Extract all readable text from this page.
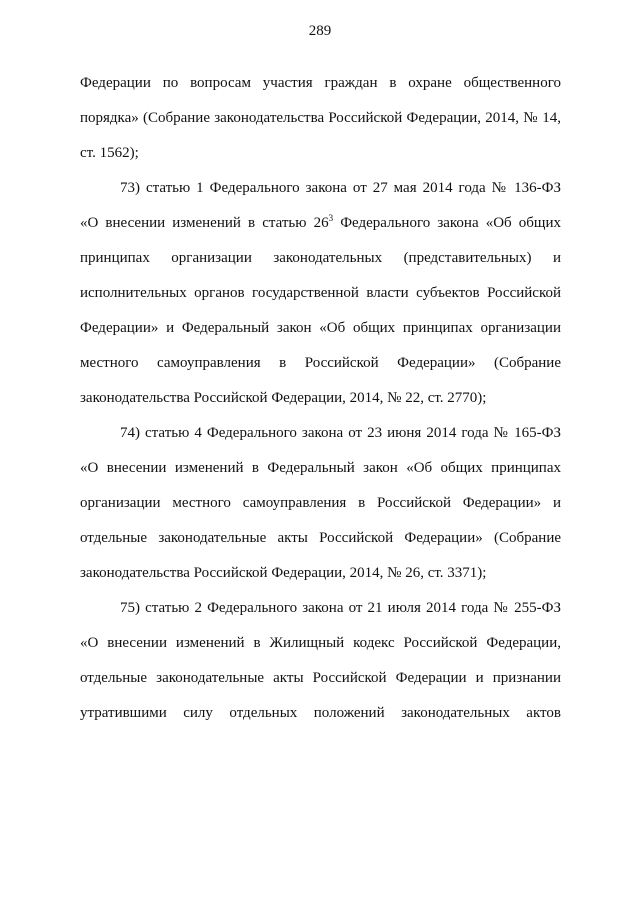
289
Федерации по вопросам участия граждан в охране общественного
порядка» (Собрание законодательства Российской Федерации, 2014, № 14,
ст. 1562);
73) статью 1 Федерального закона от 27 мая 2014 года № 136-ФЗ
«О внесении изменений в статью $26^3$ Федерального закона «Об общих
принципах организации законодательных (представительных) и
исполнительных органов государственной власти субъектов Российской
Федерации» и Федеральный закон «Об общих принципах организации
местного самоуправления в Российской Федерации» (Собрание
законодательства Российской Федерации, 2014, № 22, ст. 2770);
74) статью 4 Федерального закона от 23 июня 2014 года № 165-ФЗ
«О внесении изменений в Федеральный закон «Об общих принципах
организации местного самоуправления в Российской Федерации» и
отдельные законодательные акты Российской Федерации» (Собрание
законодательства Российской Федерации, 2014, № 26, ст. 3371);
75) статью 2 Федерального закона от 21 июля 2014 года № 255-ФЗ
«О внесении изменений в Жилищный кодекс Российской Федерации,
отдельные законодательные акты Российской Федерации и признании
утратившими силу отдельных положений законодательных актов
